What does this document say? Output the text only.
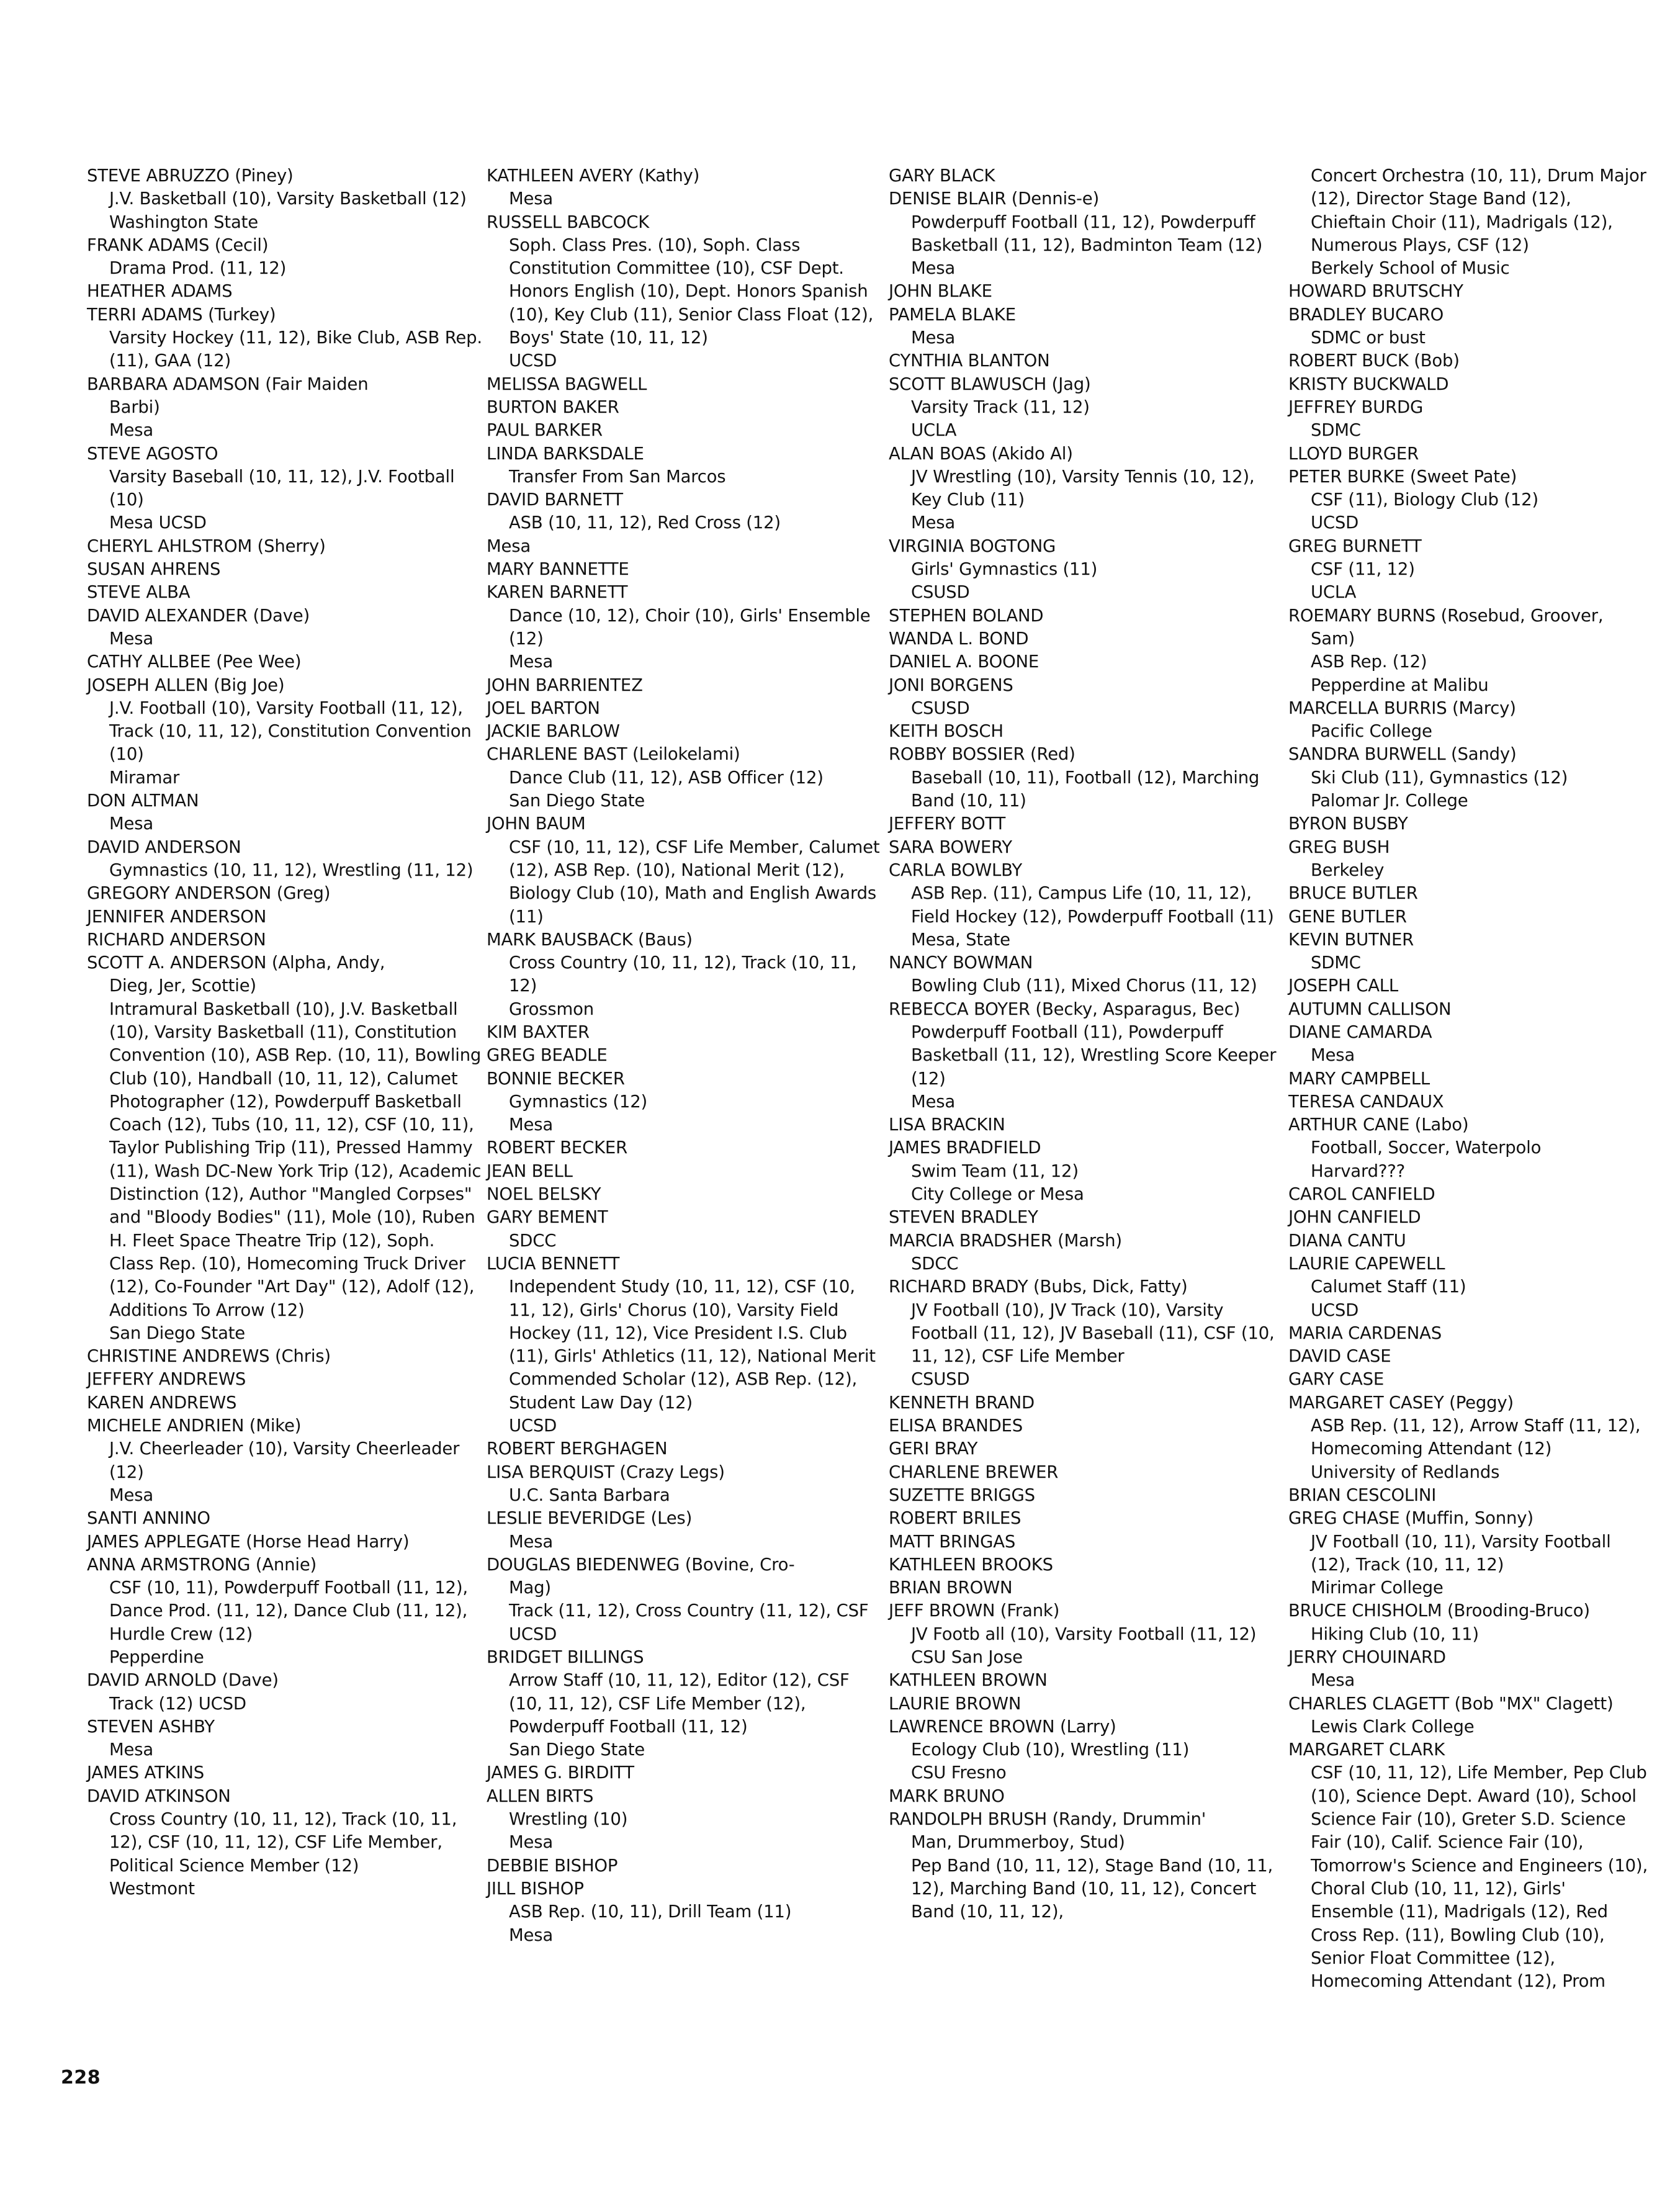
STEVE ABRUZZO (Piney)
J.V. Basketball (10), Varsity Basketball (12)
Washington State
FRANK ADAMS (Cecil)
Drama Prod. (11, 12)
HEATHER ADAMS
TERRI ADAMS (Turkey)
Varsity Hockey (11, 12), Bike Club, ASB Rep. (11), GAA (12)
BARBARA ADAMSON (Fair Maiden
Barbi)
Mesa
STEVE AGOSTO
Varsity Baseball (10, 11, 12), J.V. Football (10)
Mesa UCSD
CHERYL AHLSTROM (Sherry)
SUSAN AHRENS
STEVE ALBA
DAVID ALEXANDER (Dave)
Mesa
CATHY ALLBEE (Pee Wee)
JOSEPH ALLEN (Big Joe)
J.V. Football (10), Varsity Football (11, 12), Track (10, 11, 12), Constitution Convention (10)
Miramar
DON ALTMAN
Mesa
DAVID ANDERSON
Gymnastics (10, 11, 12), Wrestling (11, 12)
GREGORY ANDERSON (Greg)
JENNIFER ANDERSON
RICHARD ANDERSON
SCOTT A. ANDERSON (Alpha, Andy,
Dieg, Jer, Scottie)
Intramural Basketball (10), J.V. Basketball (10), Varsity Basketball (11), Constitution Convention (10), ASB Rep. (10, 11), Bowling Club (10), Handball (10, 11, 12), Calumet Photographer (12), Powderpuff Basketball Coach (12), Tubs (10, 11, 12), CSF (10, 11), Taylor Publishing Trip (11), Pressed Hammy (11), Wash DC-New York Trip (12), Academic Distinction (12), Author "Mangled Corpses" and "Bloody Bodies" (11), Mole (10), Ruben H. Fleet Space Theatre Trip (12), Soph. Class Rep. (10), Homecoming Truck Driver (12), Co-Founder "Art Day" (12), Adolf (12), Additions To Arrow (12)
San Diego State
CHRISTINE ANDREWS (Chris)
JEFFERY ANDREWS
KAREN ANDREWS
MICHELE ANDRIEN (Mike)
J.V. Cheerleader (10), Varsity Cheerleader (12)
Mesa
SANTI ANNINO
JAMES APPLEGATE (Horse Head Harry)
ANNA ARMSTRONG (Annie)
CSF (10, 11), Powderpuff Football (11, 12), Dance Prod. (11, 12), Dance Club (11, 12), Hurdle Crew (12)
Pepperdine
DAVID ARNOLD (Dave)
Track (12) UCSD
STEVEN ASHBY
Mesa
JAMES ATKINS
DAVID ATKINSON
Cross Country (10, 11, 12), Track (10, 11, 12), CSF (10, 11, 12), CSF Life Member, Political Science Member (12)
Westmont
KATHLEEN AVERY (Kathy)
Mesa
RUSSELL BABCOCK
Soph. Class Pres. (10), Soph. Class Constitution Committee (10), CSF Dept. Honors English (10), Dept. Honors Spanish (10), Key Club (11), Senior Class Float (12), Boys' State (10, 11, 12)
UCSD
MELISSA BAGWELL
BURTON BAKER
PAUL BARKER
LINDA BARKSDALE
Transfer From San Marcos
DAVID BARNETT
ASB (10, 11, 12), Red Cross (12)
Mesa
MARY BANNETTE
KAREN BARNETT
Dance (10, 12), Choir (10), Girls' Ensemble (12)
Mesa
JOHN BARRIENTEZ
JOEL BARTON
JACKIE BARLOW
CHARLENE BAST (Leilokelami)
Dance Club (11, 12), ASB Officer (12)
San Diego State
JOHN BAUM
CSF (10, 11, 12), CSF Life Member, Calumet (12), ASB Rep. (10), National Merit (12), Biology Club (10), Math and English Awards (11)
MARK BAUSBACK (Baus)
Cross Country (10, 11, 12), Track (10, 11, 12)
Grossmon
KIM BAXTER
GREG BEADLE
BONNIE BECKER
Gymnastics (12)
Mesa
ROBERT BECKER
JEAN BELL
NOEL BELSKY
GARY BEMENT
SDCC
LUCIA BENNETT
Independent Study (10, 11, 12), CSF (10, 11, 12), Girls' Chorus (10), Varsity Field Hockey (11, 12), Vice President I.S. Club (11), Girls' Athletics (11, 12), National Merit Commended Scholar (12), ASB Rep. (12), Student Law Day (12)
UCSD
ROBERT BERGHAGEN
LISA BERQUIST (Crazy Legs)
U.C. Santa Barbara
LESLIE BEVERIDGE (Les)
Mesa
DOUGLAS BIEDENWEG (Bovine, Cro-
Mag)
Track (11, 12), Cross Country (11, 12), CSF
UCSD
BRIDGET BILLINGS
Arrow Staff (10, 11, 12), Editor (12), CSF (10, 11, 12), CSF Life Member (12), Powderpuff Football (11, 12)
San Diego State
JAMES G. BIRDITT
ALLEN BIRTS
Wrestling (10)
Mesa
DEBBIE BISHOP
JILL BISHOP
ASB Rep. (10, 11), Drill Team (11)
Mesa
GARY BLACK
DENISE BLAIR (Dennis-e)
Powderpuff Football (11, 12), Powderpuff Basketball (11, 12), Badminton Team (12)
Mesa
JOHN BLAKE
PAMELA BLAKE
Mesa
CYNTHIA BLANTON
SCOTT BLAWUSCH (Jag)
Varsity Track (11, 12)
UCLA
ALAN BOAS (Akido Al)
JV Wrestling (10), Varsity Tennis (10, 12), Key Club (11)
Mesa
VIRGINIA BOGTONG
Girls' Gymnastics (11)
CSUSD
STEPHEN BOLAND
WANDA L. BOND
DANIEL A. BOONE
JONI BORGENS
CSUSD
KEITH BOSCH
ROBBY BOSSIER (Red)
Baseball (10, 11), Football (12), Marching Band (10, 11)
JEFFERY BOTT
SARA BOWERY
CARLA BOWLBY
ASB Rep. (11), Campus Life (10, 11, 12), Field Hockey (12), Powderpuff Football (11)
Mesa, State
NANCY BOWMAN
Bowling Club (11), Mixed Chorus (11, 12)
REBECCA BOYER (Becky, Asparagus, Bec)
Powderpuff Football (11), Powderpuff Basketball (11, 12), Wrestling Score Keeper (12)
Mesa
LISA BRACKIN
JAMES BRADFIELD
Swim Team (11, 12)
City College or Mesa
STEVEN BRADLEY
MARCIA BRADSHER (Marsh)
SDCC
RICHARD BRADY (Bubs, Dick, Fatty)
JV Football (10), JV Track (10), Varsity Football (11, 12), JV Baseball (11), CSF (10, 11, 12), CSF Life Member
CSUSD
KENNETH BRAND
ELISA BRANDES
GERI BRAY
CHARLENE BREWER
SUZETTE BRIGGS
ROBERT BRILES
MATT BRINGAS
KATHLEEN BROOKS
BRIAN BROWN
JEFF BROWN (Frank)
JV Footb all (10), Varsity Football (11, 12)
CSU San Jose
KATHLEEN BROWN
LAURIE BROWN
LAWRENCE BROWN (Larry)
Ecology Club (10), Wrestling (11)
CSU Fresno
MARK BRUNO
RANDOLPH BRUSH (Randy, Drummin'
Man, Drummerboy, Stud)
Pep Band (10, 11, 12), Stage Band (10, 11, 12), Marching Band (10, 11, 12), Concert Band (10, 11, 12),
Concert Orchestra (10, 11), Drum Major (12), Director Stage Band (12), Chieftain Choir (11), Madrigals (12), Numerous Plays, CSF (12)
Berkely School of Music
HOWARD BRUTSCHY
BRADLEY BUCARO
SDMC or bust
ROBERT BUCK (Bob)
KRISTY BUCKWALD
JEFFREY BURDG
SDMC
LLOYD BURGER
PETER BURKE (Sweet Pate)
CSF (11), Biology Club (12)
UCSD
GREG BURNETT
CSF (11, 12)
UCLA
ROEMARY BURNS (Rosebud, Groover,
Sam)
ASB Rep. (12)
Pepperdine at Malibu
MARCELLA BURRIS (Marcy)
Pacific College
SANDRA BURWELL (Sandy)
Ski Club (11), Gymnastics (12)
Palomar Jr. College
BYRON BUSBY
GREG BUSH
Berkeley
BRUCE BUTLER
GENE BUTLER
KEVIN BUTNER
SDMC
JOSEPH CALL
AUTUMN CALLISON
DIANE CAMARDA
Mesa
MARY CAMPBELL
TERESA CANDAUX
ARTHUR CANE (Labo)
Football, Soccer, Waterpolo
Harvard???
CAROL CANFIELD
JOHN CANFIELD
DIANA CANTU
LAURIE CAPEWELL
Calumet Staff (11)
UCSD
MARIA CARDENAS
DAVID CASE
GARY CASE
MARGARET CASEY (Peggy)
ASB Rep. (11, 12), Arrow Staff (11, 12), Homecoming Attendant (12)
University of Redlands
BRIAN CESCOLINI
GREG CHASE (Muffin, Sonny)
JV Football (10, 11), Varsity Football (12), Track (10, 11, 12)
Mirimar College
BRUCE CHISHOLM (Brooding-Bruco)
Hiking Club (10, 11)
JERRY CHOUINARD
Mesa
CHARLES CLAGETT (Bob "MX" Clagett)
Lewis Clark College
MARGARET CLARK
CSF (10, 11, 12), Life Member, Pep Club (10), Science Dept. Award (10), School Science Fair (10), Greter S.D. Science Fair (10), Calif. Science Fair (10), Tomorrow's Science and Engineers (10), Choral Club (10, 11, 12), Girls' Ensemble (11), Madrigals (12), Red Cross Rep. (11), Bowling Club (10), Senior Float Committee (12), Homecoming Attendant (12), Prom
228
